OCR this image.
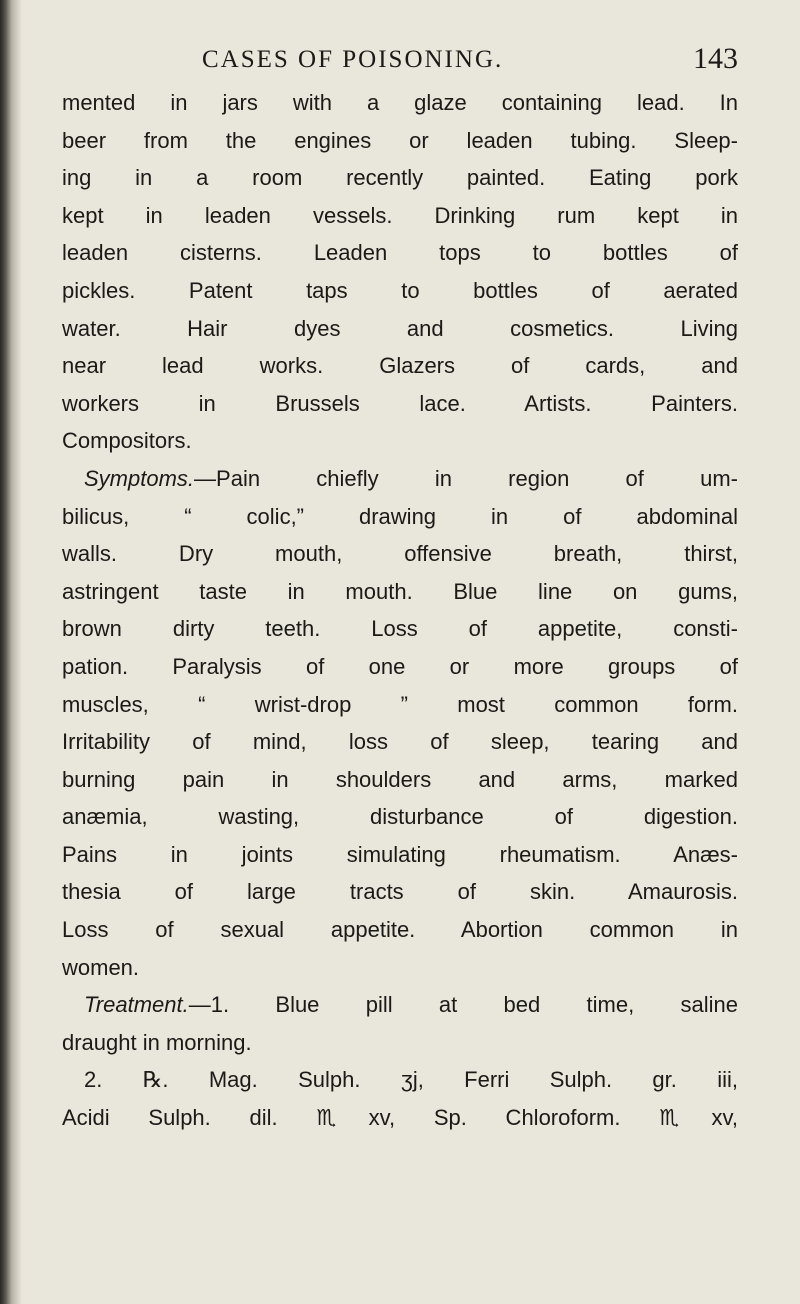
CASES OF POISONING.	143
mented in jars with a glaze containing lead. In
beer from the engines or leaden tubing. Sleep-
ing in a room recently painted. Eating pork
kept in leaden vessels. Drinking rum kept in
leaden cisterns. Leaden tops to bottles of
pickles. Patent taps to bottles of aerated
water. Hair dyes and cosmetics. Living
near lead works. Glazers of cards, and
workers in Brussels lace. Artists. Painters.
Compositors.
Symptoms.—Pain chiefly in region of um-
bilicus, “ colic,” drawing in of abdominal
walls. Dry mouth, offensive breath, thirst,
astringent taste in mouth. Blue line on gums,
brown dirty teeth. Loss of appetite, consti-
pation. Paralysis of one or more groups of
muscles, “ wrist-drop ” most common form.
Irritability of mind, loss of sleep, tearing and
burning pain in shoulders and arms, marked
anæmia, wasting, disturbance of digestion.
Pains in joints simulating rheumatism. Anæs-
thesia of large tracts of skin. Amaurosis.
Loss of sexual appetite. Abortion common in
women.
Treatment.—1. Blue pill at bed time, saline
draught in morning.
2. ℞. Mag. Sulph. ʒj, Ferri Sulph. gr. iii,
Acidi Sulph. dil. ♏xv, Sp. Chloroform. ♏xv,
